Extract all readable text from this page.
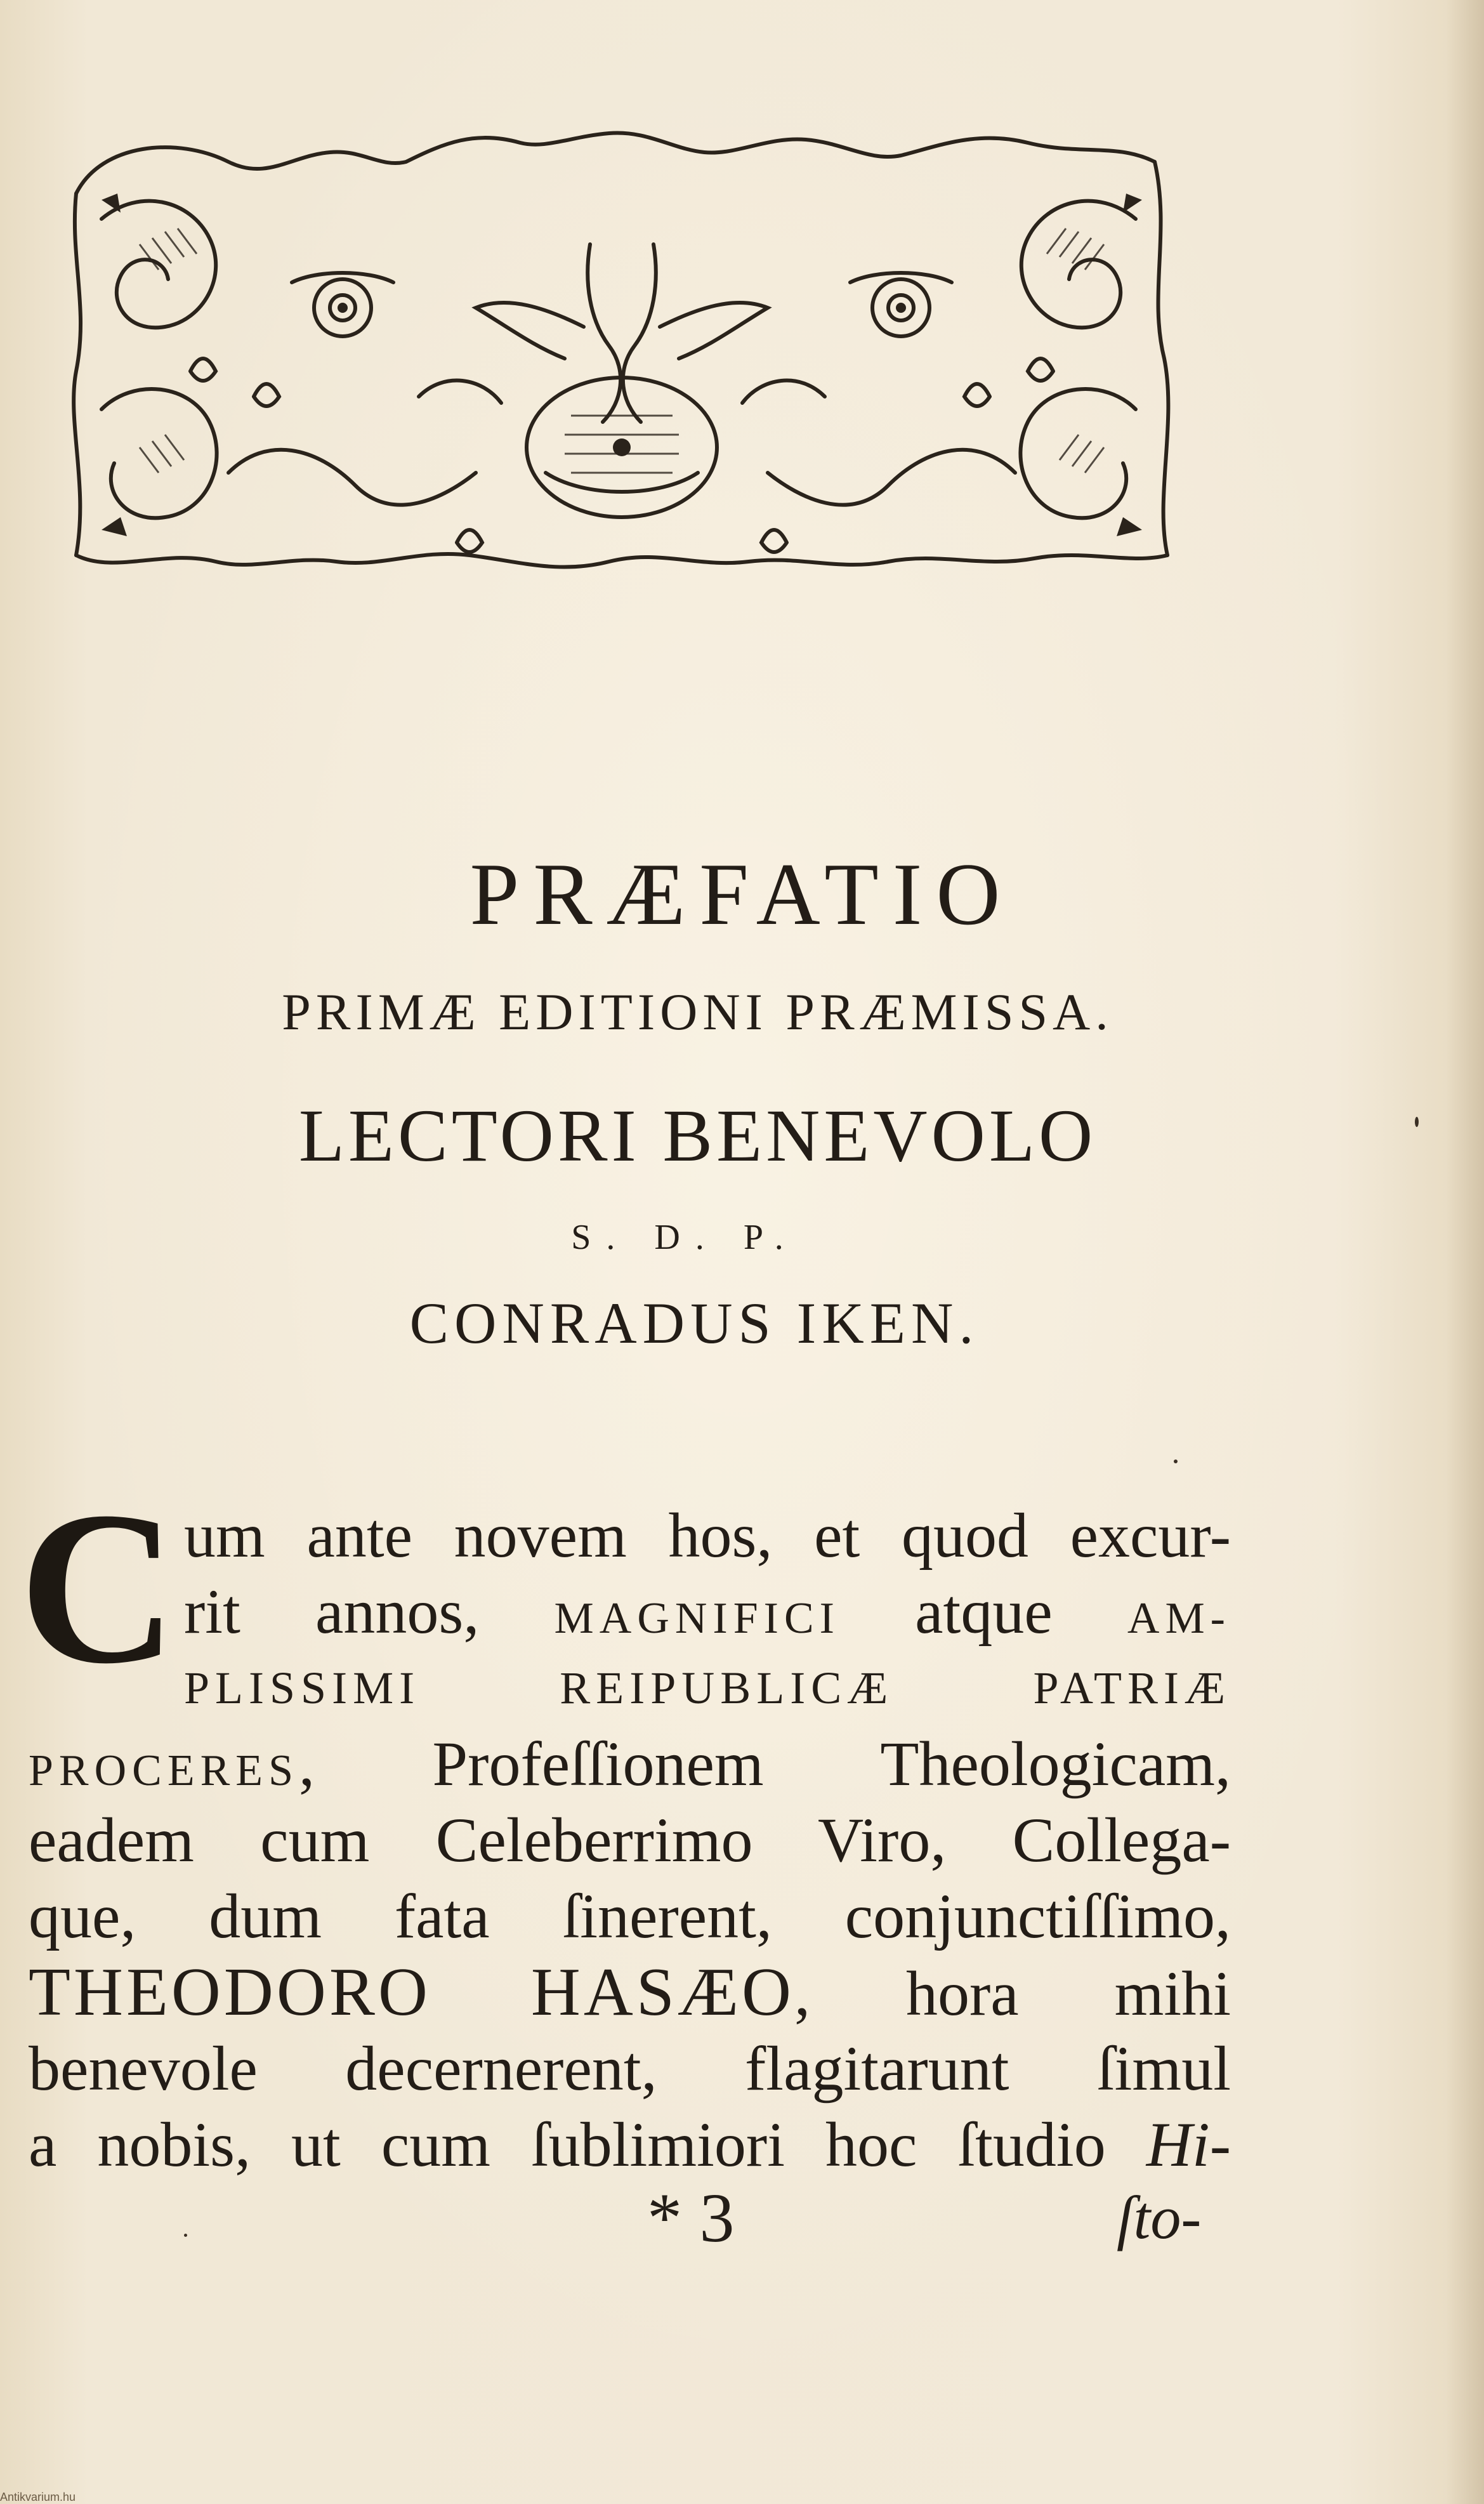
PRÆFATIO
PRIMÆ EDITIONI PRÆMISSA.
LECTORI BENEVOLO
S. D. P.
CONRADUS IKEN.
C um ante novem hos, et quod excur-
rit annos, MAGNIFICI atque AM-
PLISSIMI REIPUBLICÆ PATRIÆ
PROCERES, Profeſſionem Theologicam,
eadem cum Celeberrimo Viro, Collega-
que, dum fata ſinerent, conjunctiſſimo,
THEODORO HASÆO, hora mihi
benevole decernerent, flagitarunt ſimul
a nobis, ut cum ſublimiori hoc ſtudio Hi-
* 3	ſto-
Antikvarium.hu
